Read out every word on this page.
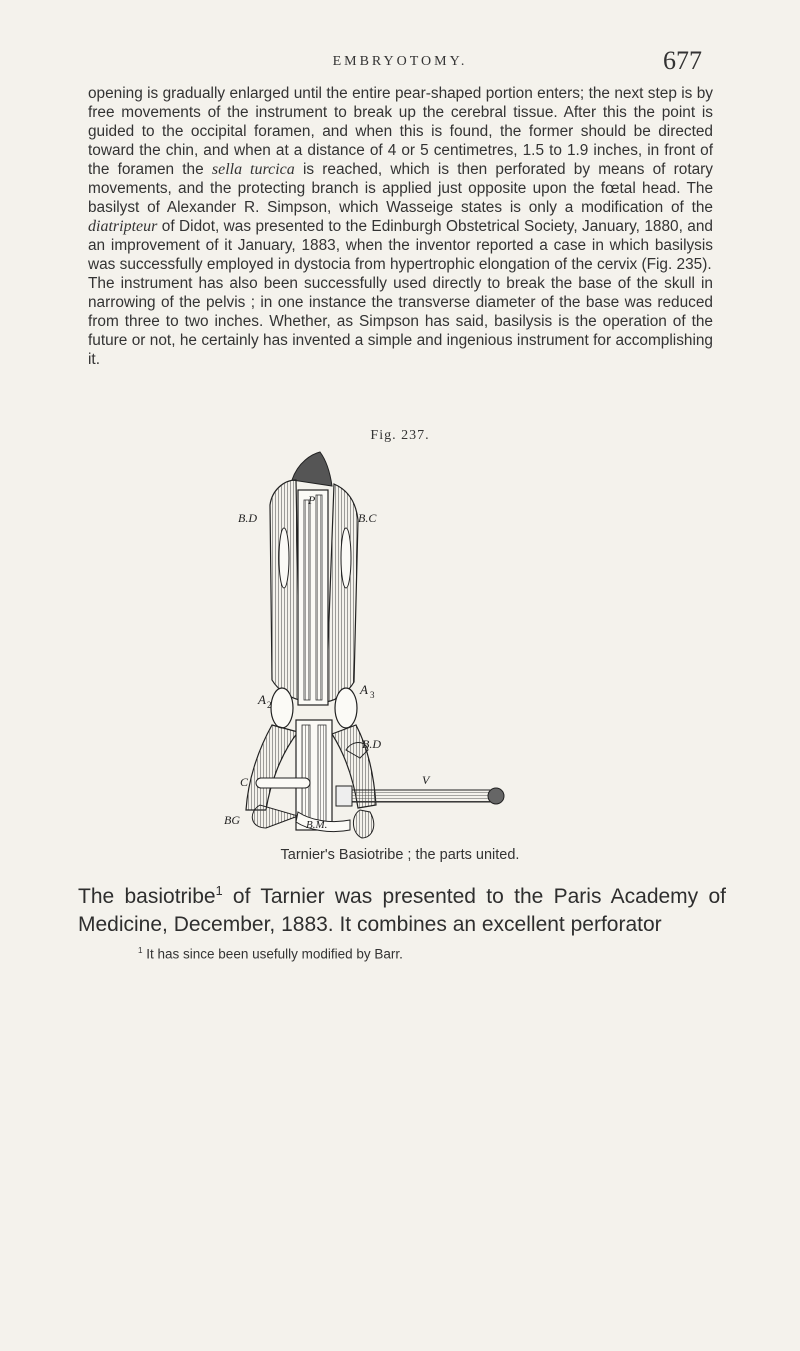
EMBRYOTOMY.	677

opening is gradually enlarged until the entire pear-shaped portion enters; the next step is by free movements of the instrument to break up the cerebral tissue. After this the point is guided to the occipital foramen, and when this is found, the former should be directed toward the chin, and when at a distance of 4 or 5 centimetres, 1.5 to 1.9 inches, in front of the foramen the sella turcica is reached, which is then perforated by means of rotary movements, and the protecting branch is applied just opposite upon the fœtal head. The basilyst of Alexander R. Simpson, which Wasseige states is only a modification of the diatripteur of Didot, was presented to the Edinburgh Obstetrical Society, January, 1880, and an improvement of it January, 1883, when the inventor reported a case in which basilysis was successfully employed in dystocia from hypertrophic elongation of the cervix (Fig. 235).

The instrument has also been successfully used directly to break the base of the skull in narrowing of the pelvis ; in one instance the transverse diameter of the base was reduced from three to two inches. Whether, as Simpson has said, basilysis is the operation of the future or not, he certainly has invented a simple and ingenious instrument for accomplishing it.

Fig. 237.
P
B.D	B.C
A 2
A 3
B.D
C	V
BG	B.M.
Tarnier's Basiotribe ; the parts united.
The basiotribe$^1$ of Tarnier was presented to the Paris Academy of Medicine, December, 1883. It combines an excellent perforator
$^1$ It has since been usefully modified by Barr.
